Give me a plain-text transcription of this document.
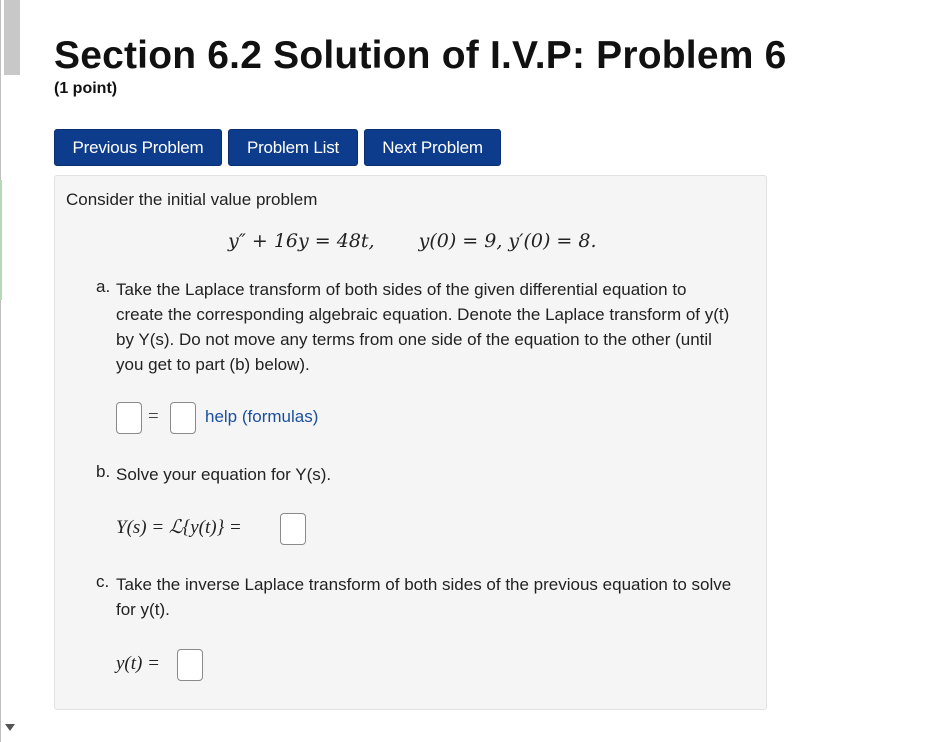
Section 6.2 Solution of I.V.P: Problem 6
(1 point)
Previous Problem	Problem List	Next Problem
Consider the initial value problem
y″ + 16y = 48t, y(0) = 9, y′(0) = 8.
a. Take the Laplace transform of both sides of the given differential equation to
create the corresponding algebraic equation. Denote the Laplace transform of y(t)
by Y(s). Do not move any terms from one side of the equation to the other (until
you get to part (b) below).
=	help (formulas)
b. Solve your equation for Y(s).
Y(s) = ℒ{y(t)} =
c. Take the inverse Laplace transform of both sides of the previous equation to solve
for y(t).
y(t) =
